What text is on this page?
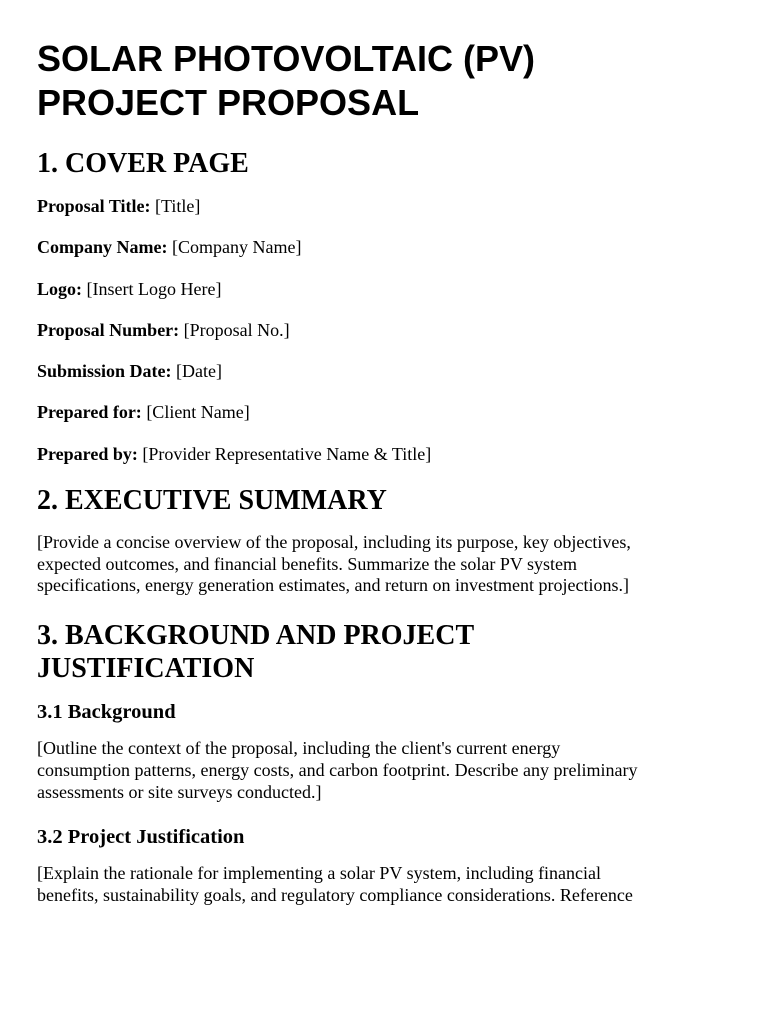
SOLAR PHOTOVOLTAIC (PV)
PROJECT PROPOSAL
1. COVER PAGE
Proposal Title: [Title]
Company Name: [Company Name]
Logo: [Insert Logo Here]
Proposal Number: [Proposal No.]
Submission Date: [Date]
Prepared for: [Client Name]
Prepared by: [Provider Representative Name & Title]
2. EXECUTIVE SUMMARY
[Provide a concise overview of the proposal, including its purpose, key objectives,
expected outcomes, and financial benefits. Summarize the solar PV system
specifications, energy generation estimates, and return on investment projections.]
3. BACKGROUND AND PROJECT
JUSTIFICATION
3.1 Background
[Outline the context of the proposal, including the client's current energy
consumption patterns, energy costs, and carbon footprint. Describe any preliminary
assessments or site surveys conducted.]
3.2 Project Justification
[Explain the rationale for implementing a solar PV system, including financial
benefits, sustainability goals, and regulatory compliance considerations. Reference
